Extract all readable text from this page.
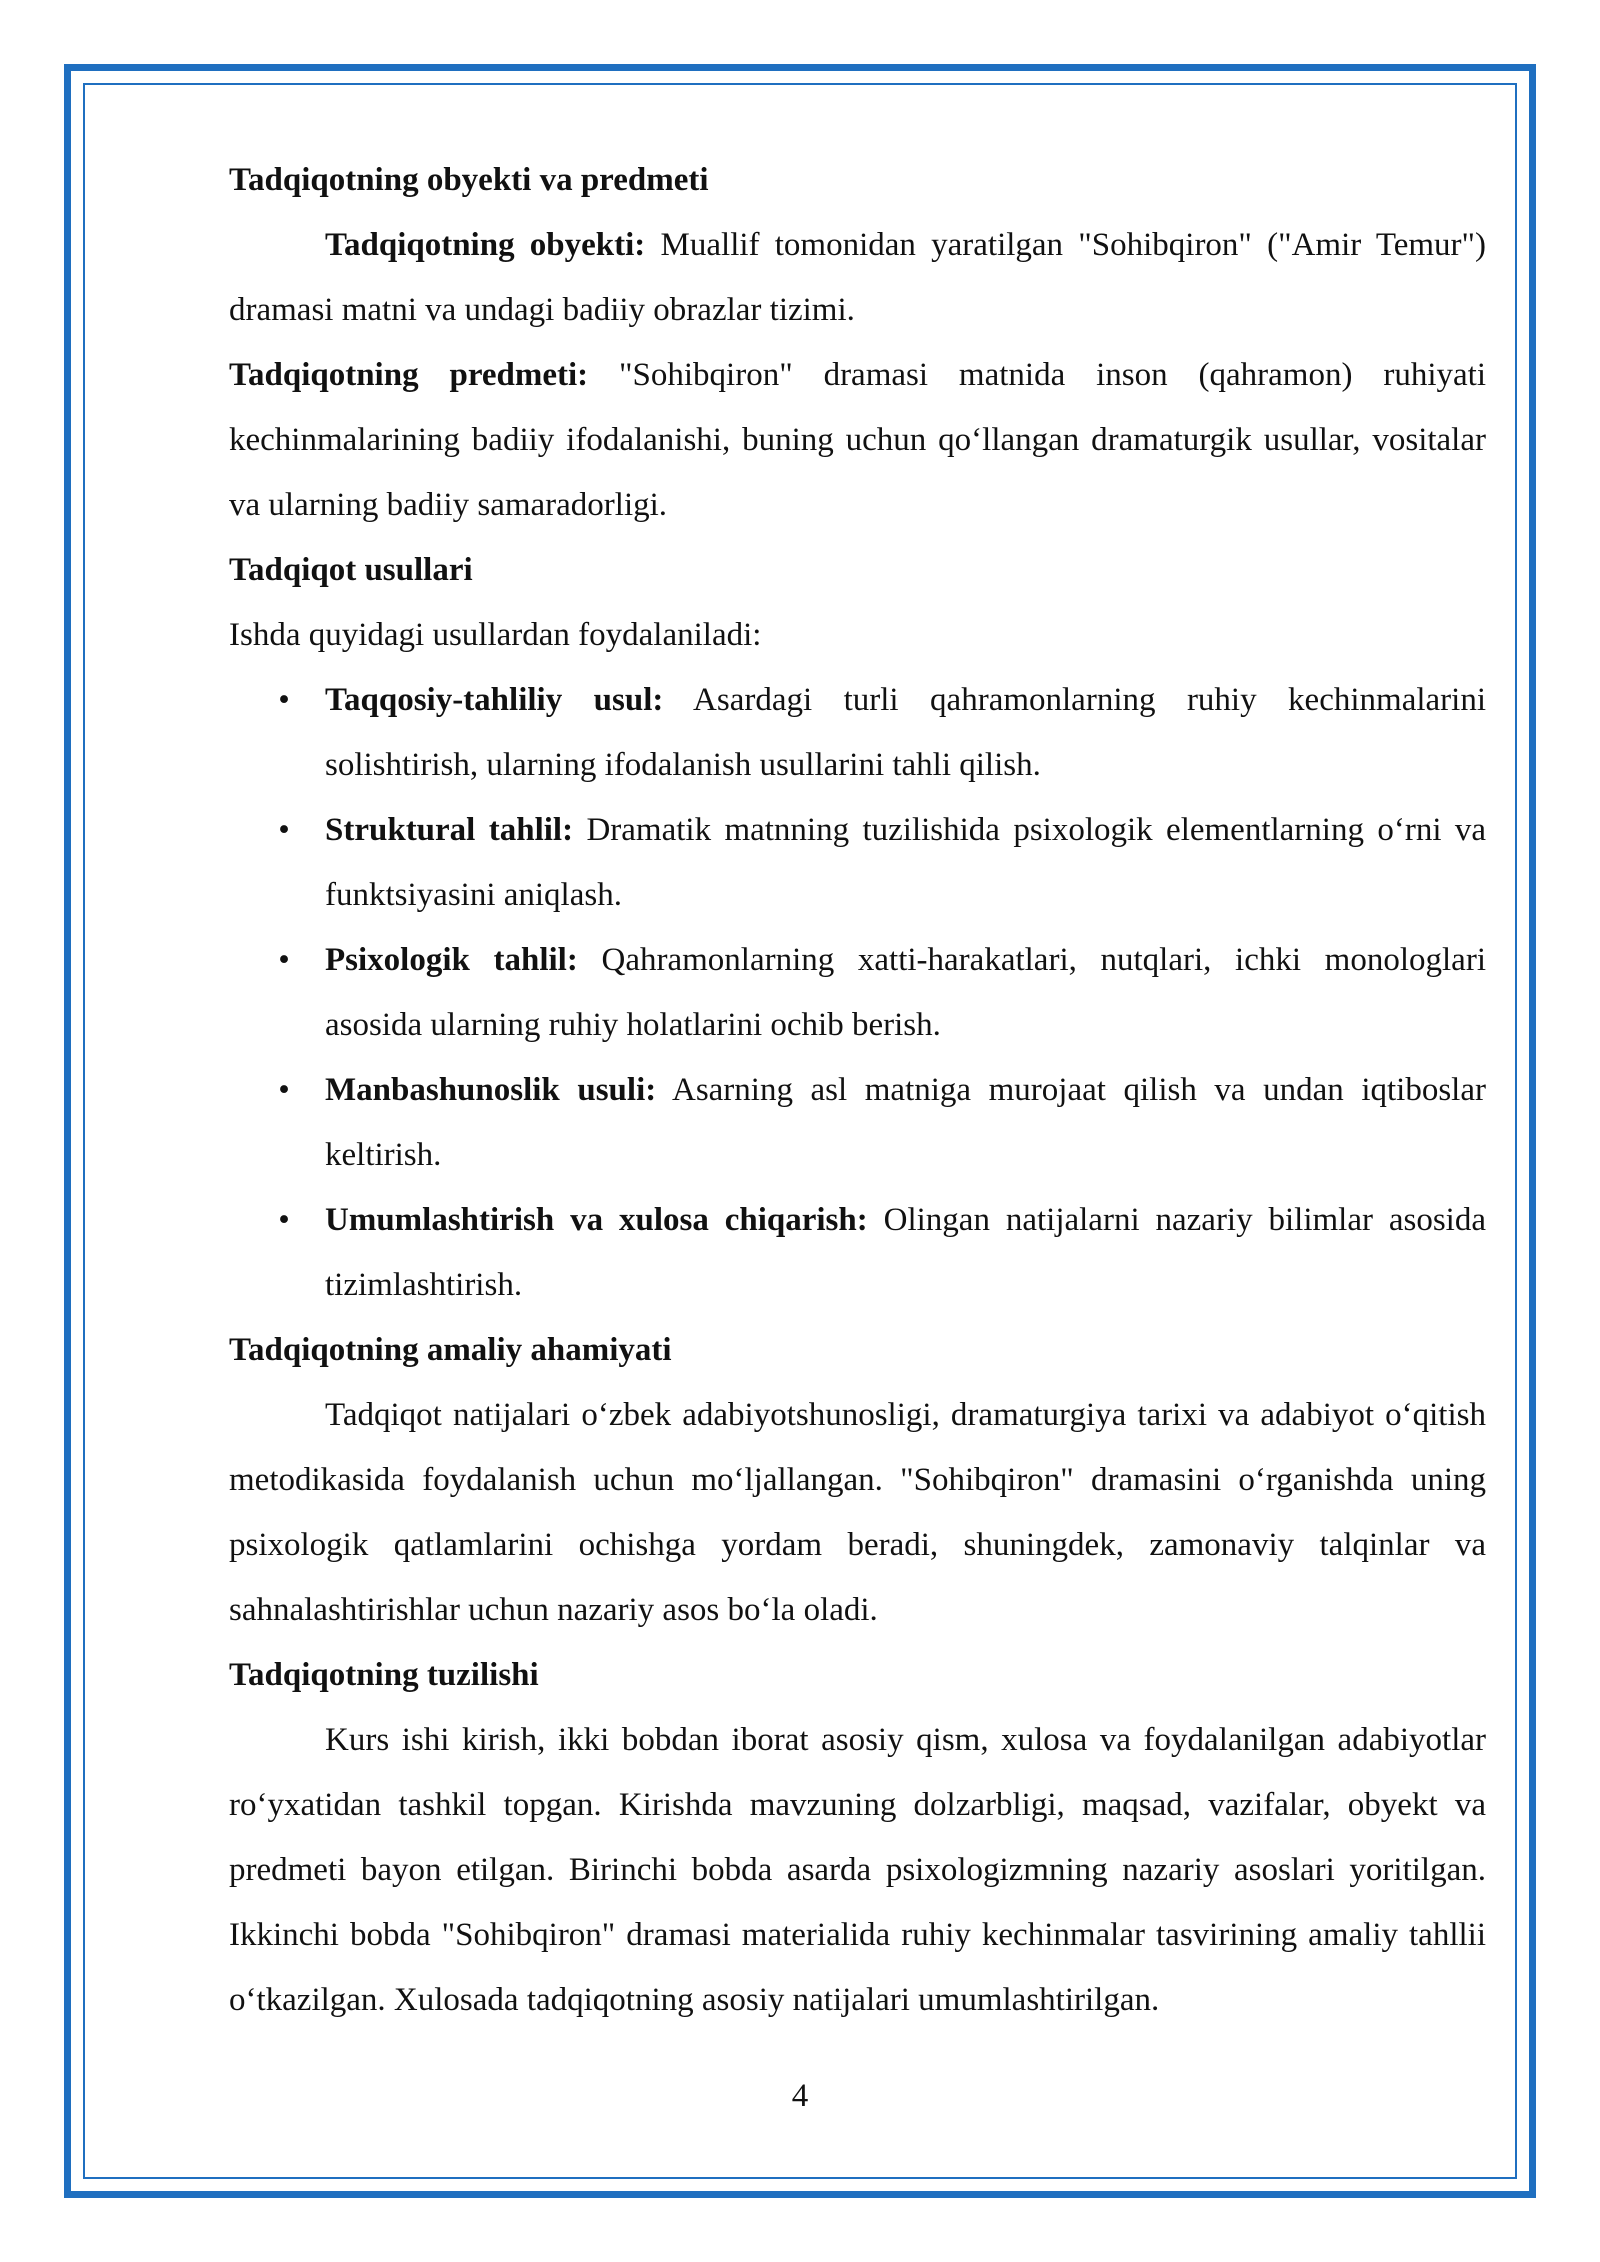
Tadqiqotning obyekti va predmeti

Tadqiqotning obyekti: Muallif tomonidan yaratilgan "Sohibqiron" ("Amir Temur") dramasi matni va undagi badiiy obrazlar tizimi.

Tadqiqotning predmeti: "Sohibqiron" dramasi matnida inson (qahramon) ruhiyati kechinmalarining badiiy ifodalanishi, buning uchun qo‘llangan dramaturgik usullar, vositalar va ularning badiiy samaradorligi.

Tadqiqot usullari

Ishda quyidagi usullardan foydalaniladi:

• Taqqosiy-tahliliy usul: Asardagi turli qahramonlarning ruhiy kechinmalarini solishtirish, ularning ifodalanish usullarini tahli qilish.
• Struktural tahlil: Dramatik matnning tuzilishida psixologik elementlarning o‘rni va funktsiyasini aniqlash.
• Psixologik tahlil: Qahramonlarning xatti-harakatlari, nutqlari, ichki monologlari asosida ularning ruhiy holatlarini ochib berish.
• Manbashunoslik usuli: Asarning asl matniga murojaat qilish va undan iqtiboslar keltirish.
• Umumlashtirish va xulosa chiqarish: Olingan natijalarni nazariy bilimlar asosida tizimlashtirish.
Tadqiqotning amaliy ahamiyati

Tadqiqot natijalari o‘zbek adabiyotshunosligi, dramaturgiya tarixi va adabiyot o‘qitish metodikasida foydalanish uchun mo‘ljallangan. "Sohibqiron" dramasini o‘rganishda uning psixologik qatlamlarini ochishga yordam beradi, shuningdek, zamonaviy talqinlar va sahnalashtirishlar uchun nazariy asos bo‘la oladi.

Tadqiqotning tuzilishi

Kurs ishi kirish, ikki bobdan iborat asosiy qism, xulosa va foydalanilgan adabiyotlar ro‘yxatidan tashkil topgan. Kirishda mavzuning dolzarbligi, maqsad, vazifalar, obyekt va predmeti bayon etilgan. Birinchi bobda asarda psixologizmning nazariy asoslari yoritilgan. Ikkinchi bobda "Sohibqiron" dramasi materialida ruhiy kechinmalar tasvirining amaliy tahllii o‘tkazilgan. Xulosada tadqiqotning asosiy natijalari umumlashtirilgan.

4
